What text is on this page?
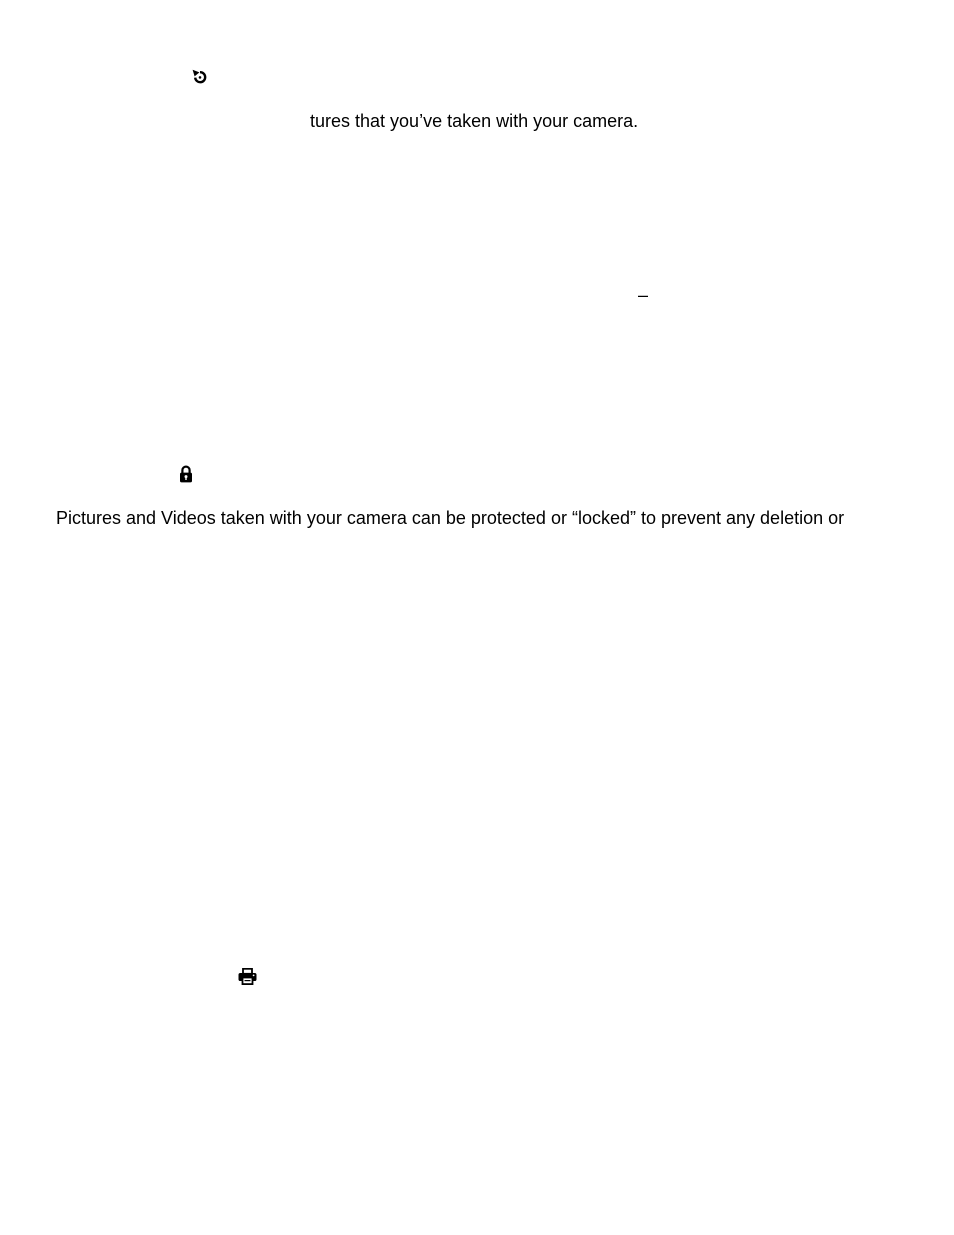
tures that you’ve taken with your camera.

–

Pictures and Videos taken with your camera can be protected or “locked” to prevent any deletion or
